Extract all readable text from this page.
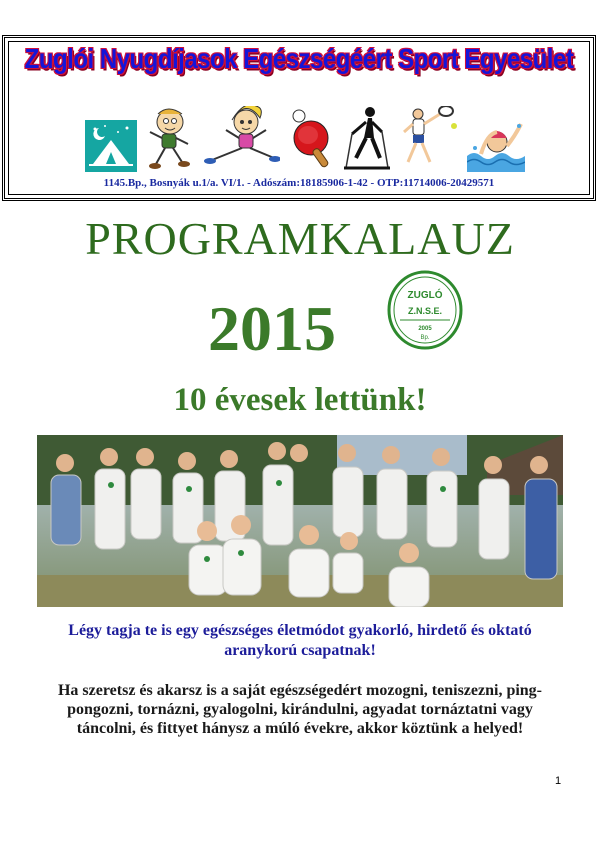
Zuglói Nyugdíjasok Egészségéért Sport Egyesület
1145.Bp., Bosnyák u.1/a. VI/1. - Adószám:18185906-1-42 - OTP:11714006-20429571
PROGRAMKALAUZ
2015	ZUGLÓ
Z.N.S.E.
2005
Bp.
10 évesek lettünk!
Légy tagja te is egy egészséges életmódot gyakorló, hirdető és oktató aranykorú csapatnak!
Ha szeretsz és akarsz is a saját egészségedért mozogni, teniszezni, ping-pongozni, tornázni, gyalogolni, kirándulni, agyadat tornáztatni vagy táncolni, és fittyet hánysz a múló évekre, akkor köztünk a helyed!
1
